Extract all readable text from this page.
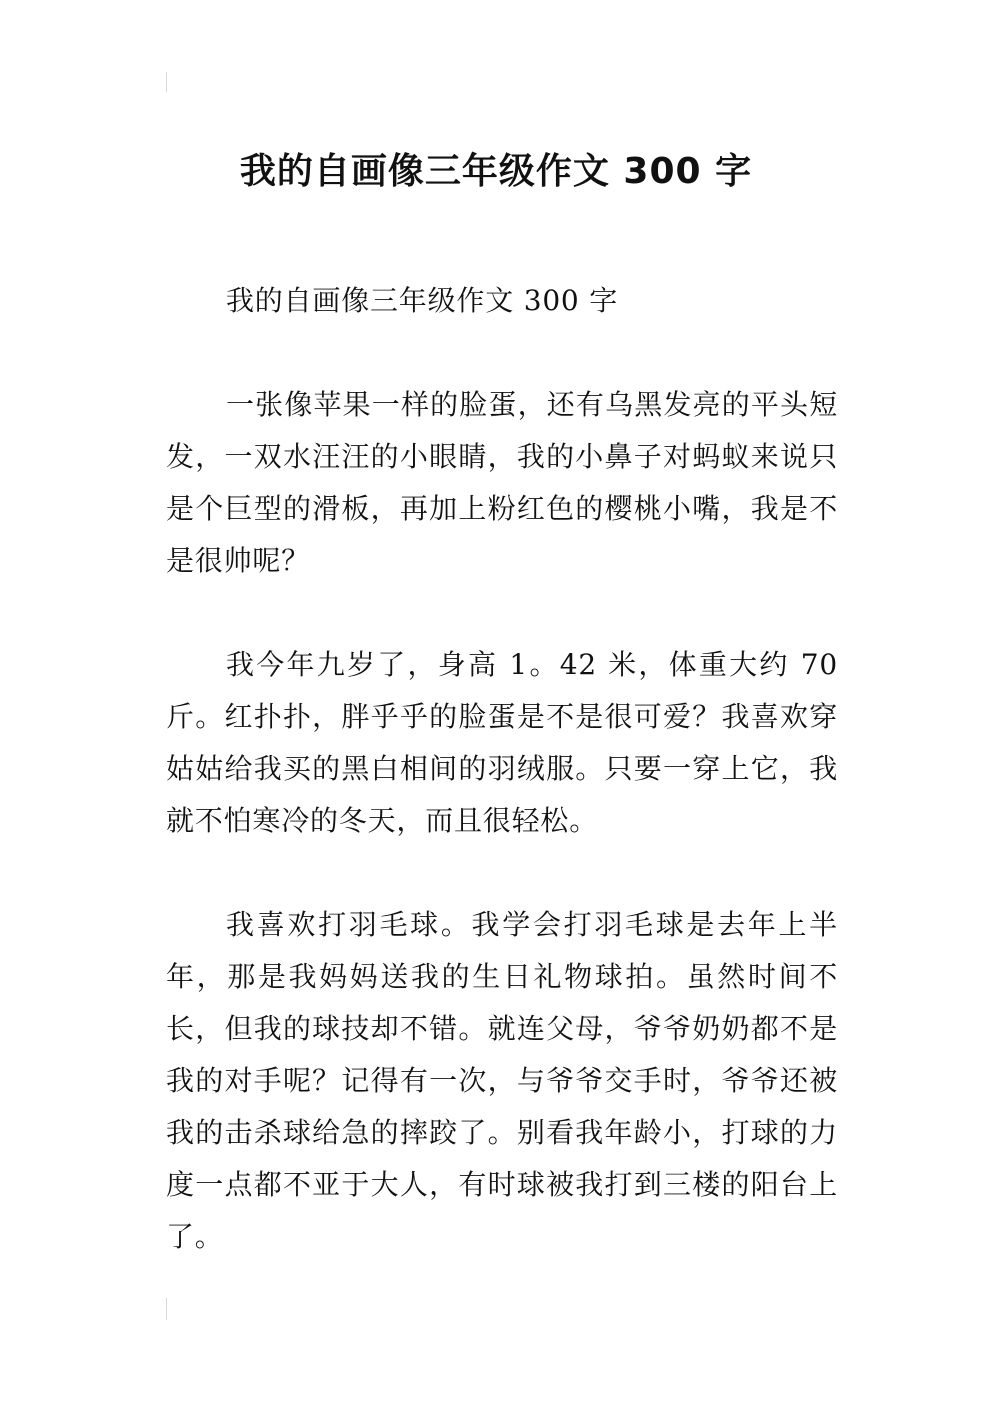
我的自画像三年级作文 300 字

我的自画像三年级作文 300 字

一张像苹果一样的脸蛋，还有乌黑发亮的平头短发，一双水汪汪的小眼睛，我的小鼻子对蚂蚁来说只是个巨型的滑板，再加上粉红色的樱桃小嘴，我是不是很帅呢？

我今年九岁了，身高 1。42 米，体重大约 70 斤。红扑扑，胖乎乎的脸蛋是不是很可爱？我喜欢穿姑姑给我买的黑白相间的羽绒服。只要一穿上它，我就不怕寒冷的冬天，而且很轻松。

我喜欢打羽毛球。我学会打羽毛球是去年上半年，那是我妈妈送我的生日礼物球拍。虽然时间不长，但我的球技却不错。就连父母，爷爷奶奶都不是我的对手呢？记得有一次，与爷爷交手时，爷爷还被我的击杀球给急的摔跤了。别看我年龄小，打球的力度一点都不亚于大人，有时球被我打到三楼的阳台上了。
